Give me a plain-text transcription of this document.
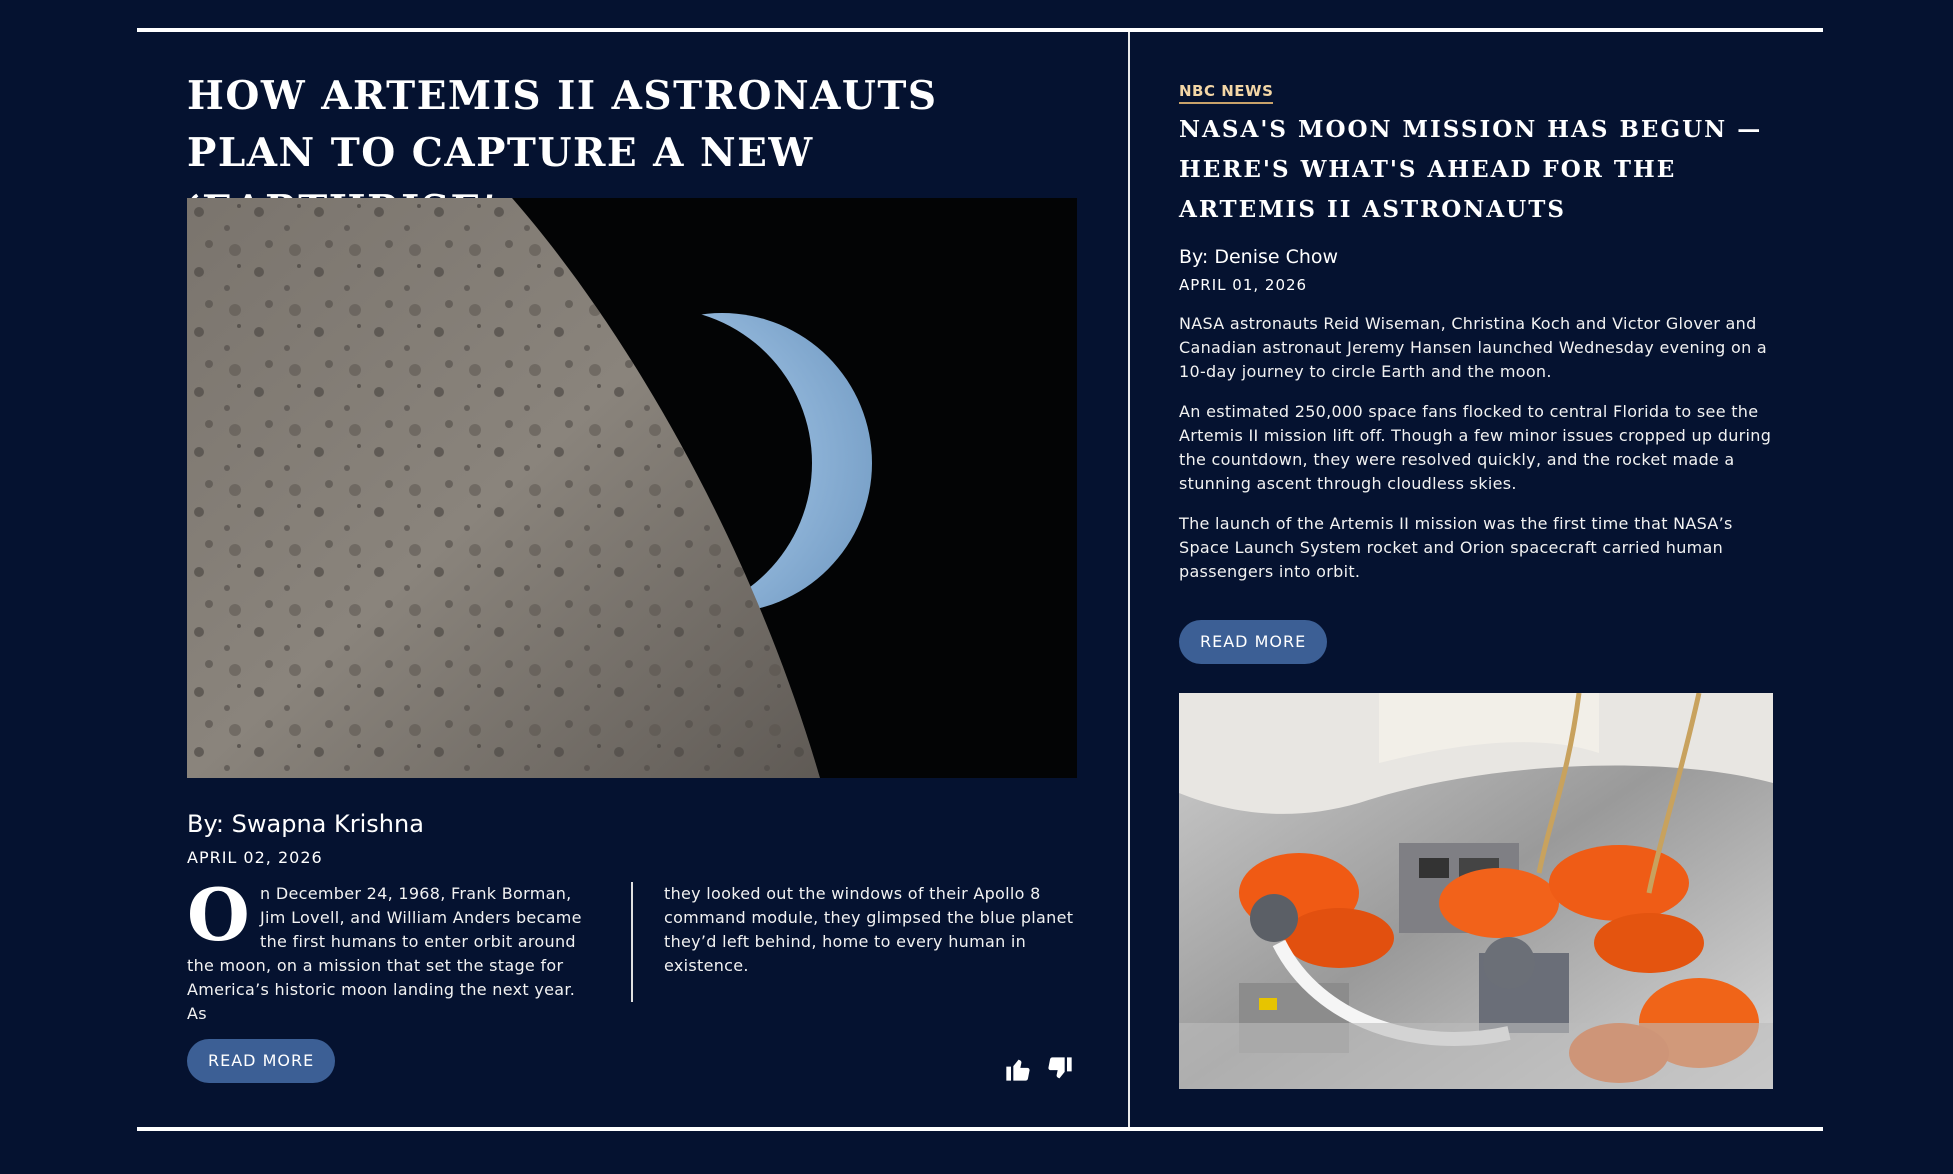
HOW ARTEMIS II ASTRONAUTS PLAN TO CAPTURE A NEW

By: Swapna Krishna

APRIL 02, 2026

O n December 24, 1968, Frank Borman, Jim Lovell, and William Anders became the first humans to enter orbit around the moon, on a mission that set the stage for America’s historic moon landing the next year. As

they looked out the windows of their Apollo 8 command module, they glimpsed the blue planet they’d left behind, home to every human in existence.

READ MORE

NBC NEWS

NASA'S MOON MISSION HAS BEGUN — HERE'S WHAT'S AHEAD FOR THE ARTEMIS II ASTRONAUTS

By: Denise Chow

APRIL 01, 2026

NASA astronauts Reid Wiseman, Christina Koch and Victor Glover and Canadian astronaut Jeremy Hansen launched Wednesday evening on a 10-day journey to circle Earth and the moon.

An estimated 250,000 space fans flocked to central Florida to see the Artemis II mission lift off. Though a few minor issues cropped up during the countdown, they were resolved quickly, and the rocket made a stunning ascent through cloudless skies.

The launch of the Artemis II mission was the first time that NASA’s Space Launch System rocket and Orion spacecraft carried human passengers into orbit.

READ MORE
